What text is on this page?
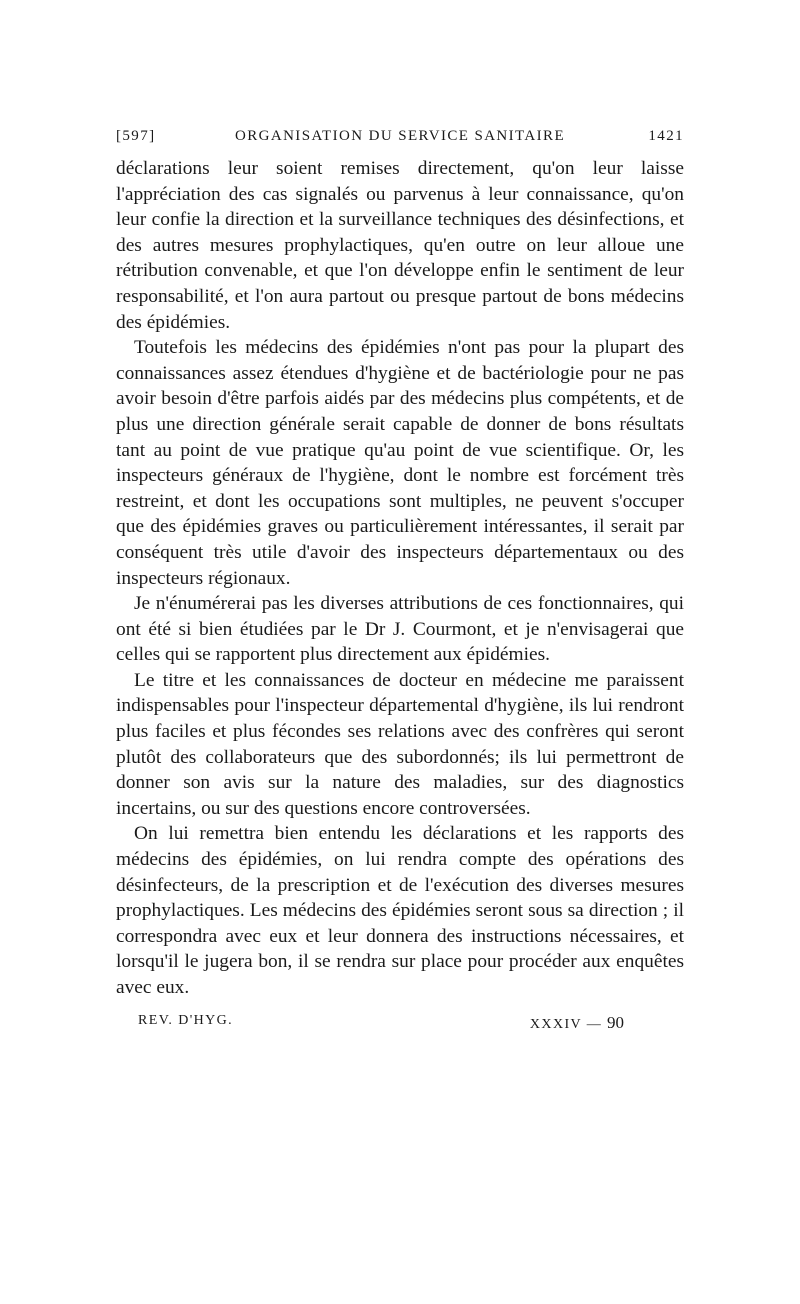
[597]	ORGANISATION DU SERVICE SANITAIRE	1421

déclarations leur soient remises directement, qu'on leur laisse l'appréciation des cas signalés ou parvenus à leur connaissance, qu'on leur confie la direction et la surveillance techniques des désinfections, et des autres mesures prophylactiques, qu'en outre on leur alloue une rétribution convenable, et que l'on développe enfin le sentiment de leur responsabilité, et l'on aura partout ou presque partout de bons médecins des épidémies.

Toutefois les médecins des épidémies n'ont pas pour la plupart des connaissances assez étendues d'hygiène et de bactériologie pour ne pas avoir besoin d'être parfois aidés par des médecins plus compétents, et de plus une direction générale serait capable de donner de bons résultats tant au point de vue pratique qu'au point de vue scientifique. Or, les inspecteurs généraux de l'hygiène, dont le nombre est forcément très restreint, et dont les occupations sont multiples, ne peuvent s'occuper que des épidémies graves ou particulièrement intéressantes, il serait par conséquent très utile d'avoir des inspecteurs départementaux ou des inspecteurs régionaux.

Je n'énumérerai pas les diverses attributions de ces fonctionnaires, qui ont été si bien étudiées par le Dr J. Courmont, et je n'envisagerai que celles qui se rapportent plus directement aux épidémies.

Le titre et les connaissances de docteur en médecine me paraissent indispensables pour l'inspecteur départemental d'hygiène, ils lui rendront plus faciles et plus fécondes ses relations avec des confrères qui seront plutôt des collaborateurs que des subordonnés; ils lui permettront de donner son avis sur la nature des maladies, sur des diagnostics incertains, ou sur des questions encore controversées.

On lui remettra bien entendu les déclarations et les rapports des médecins des épidémies, on lui rendra compte des opérations des désinfecteurs, de la prescription et de l'exécution des diverses mesures prophylactiques. Les médecins des épidémies seront sous sa direction ; il correspondra avec eux et leur donnera des instructions nécessaires, et lorsqu'il le jugera bon, il se rendra sur place pour procéder aux enquêtes avec eux.

REV. D'HYG.	XXXIV — 90
